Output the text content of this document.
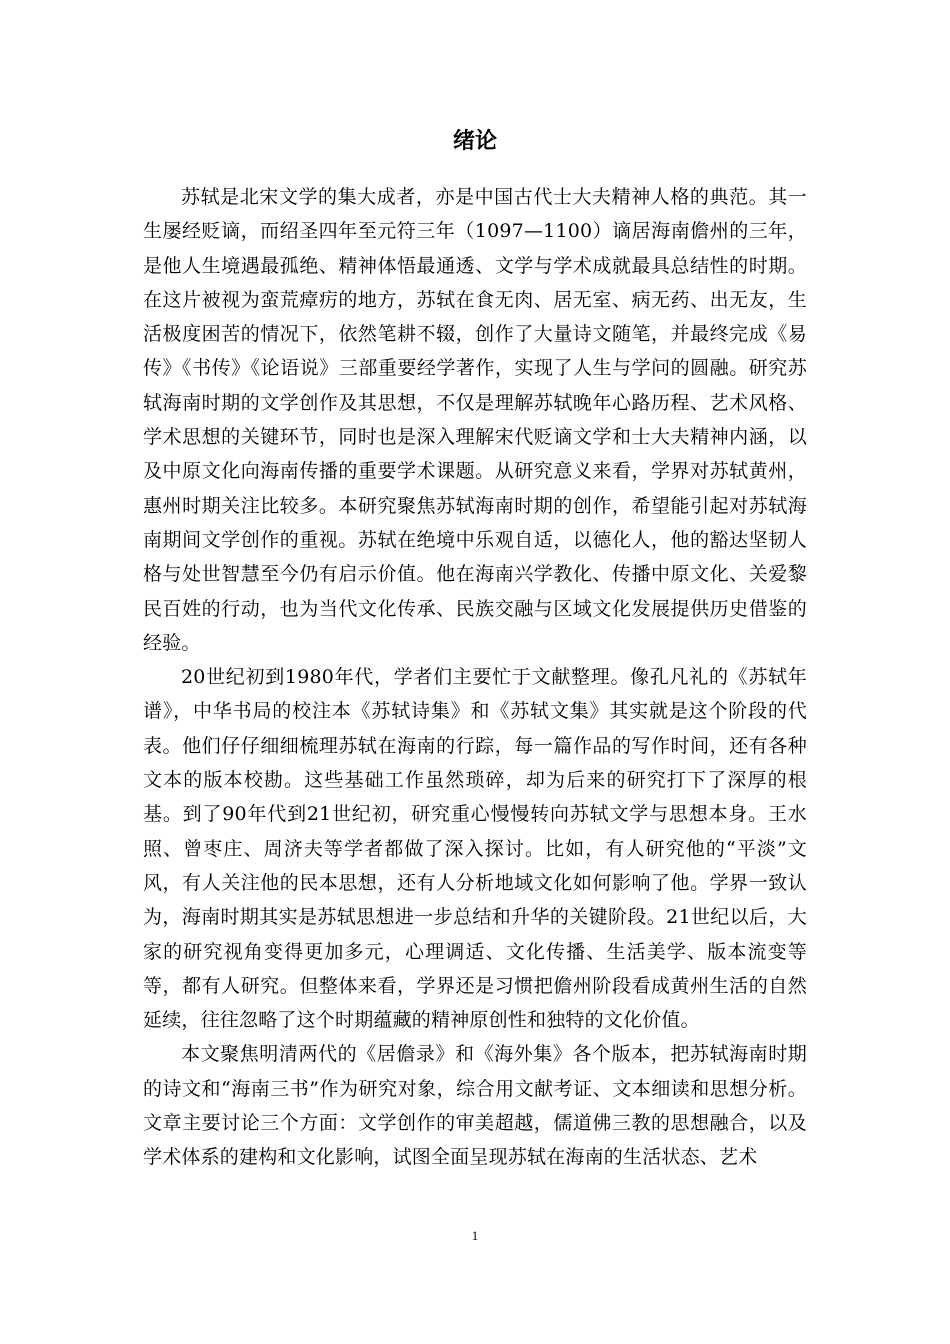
绪论

苏轼是北宋文学的集大成者，亦是中国古代士大夫精神人格的典范。其一生屡经贬谪，而绍圣四年至元符三年（1097—1100）谪居海南儋州的三年，是他人生境遇最孤绝、精神体悟最通透、文学与学术成就最具总结性的时期。在这片被视为蛮荒瘴疠的地方，苏轼在食无肉、居无室、病无药、出无友，生活极度困苦的情况下，依然笔耕不辍，创作了大量诗文随笔，并最终完成《易传》《书传》《论语说》三部重要经学著作，实现了人生与学问的圆融。研究苏轼海南时期的文学创作及其思想，不仅是理解苏轼晚年心路历程、艺术风格、学术思想的关键环节，同时也是深入理解宋代贬谪文学和士大夫精神内涵，以及中原文化向海南传播的重要学术课题。从研究意义来看，学界对苏轼黄州，惠州时期关注比较多。本研究聚焦苏轼海南时期的创作，希望能引起对苏轼海南期间文学创作的重视。苏轼在绝境中乐观自适，以德化人，他的豁达坚韧人格与处世智慧至今仍有启示价值。他在海南兴学教化、传播中原文化、关爱黎民百姓的行动，也为当代文化传承、民族交融与区域文化发展提供历史借鉴的经验。

20世纪初到1980年代，学者们主要忙于文献整理。像孔凡礼的《苏轼年谱》，中华书局的校注本《苏轼诗集》和《苏轼文集》其实就是这个阶段的代表。他们仔仔细细梳理苏轼在海南的行踪，每一篇作品的写作时间，还有各种文本的版本校勘。这些基础工作虽然琐碎，却为后来的研究打下了深厚的根基。到了90年代到21世纪初，研究重心慢慢转向苏轼文学与思想本身。王水照、曾枣庄、周济夫等学者都做了深入探讨。比如，有人研究他的“平淡”文风，有人关注他的民本思想，还有人分析地域文化如何影响了他。学界一致认为，海南时期其实是苏轼思想进一步总结和升华的关键阶段。21世纪以后，大家的研究视角变得更加多元，心理调适、文化传播、生活美学、版本流变等等，都有人研究。但整体来看，学界还是习惯把儋州阶段看成黄州生活的自然延续，往往忽略了这个时期蕴藏的精神原创性和独特的文化价值。

本文聚焦明清两代的《居儋录》和《海外集》各个版本，把苏轼海南时期的诗文和“海南三书”作为研究对象，综合用文献考证、文本细读和思想分析。文章主要讨论三个方面：文学创作的审美超越，儒道佛三教的思想融合，以及学术体系的建构和文化影响，试图全面呈现苏轼在海南的生活状态、艺术

1
